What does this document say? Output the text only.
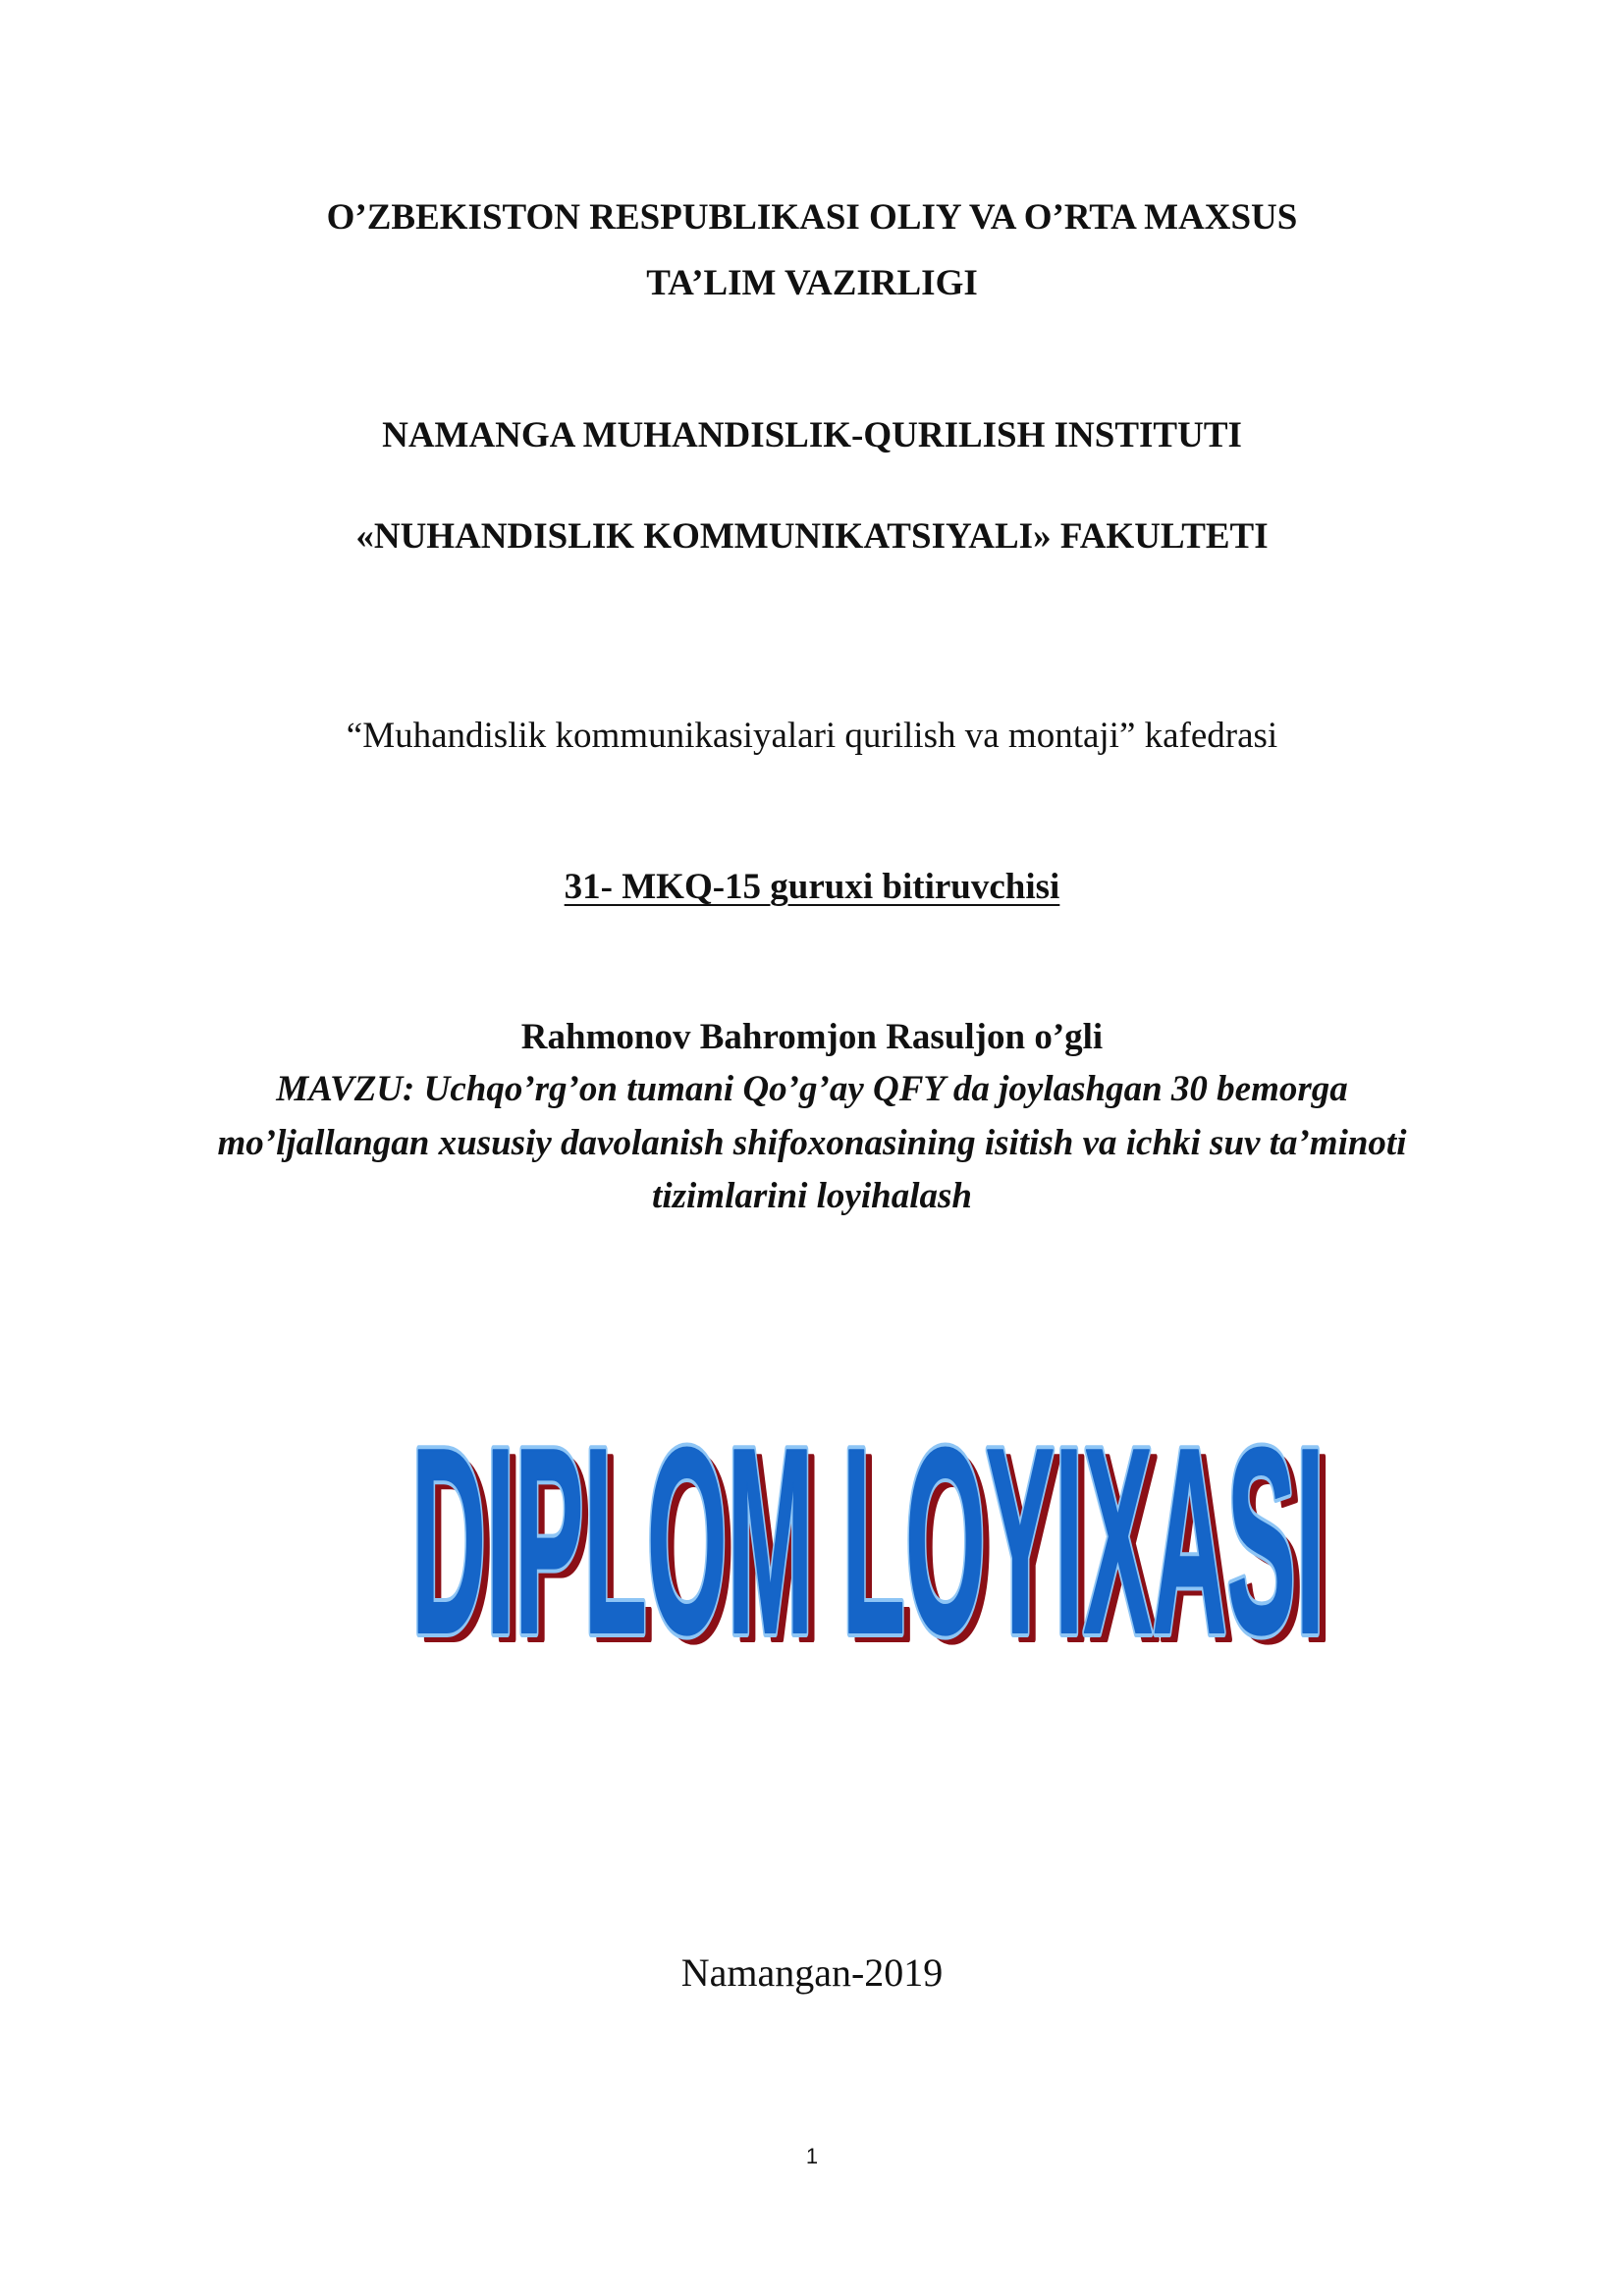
O’ZBEKISTON RESPUBLIKASI OLIY VA O’RTA MAXSUS
TA’LIM VAZIRLIGI
NAMANGA MUHANDISLIK-QURILISH INSTITUTI
«NUHANDISLIK KOMMUNIKATSIYALI» FAKULTETI
“Muhandislik kommunikasiyalari qurilish va montaji” kafedrasi
31- MKQ-15 guruxi bitiruvchisi
Rahmonov Bahromjon Rasuljon o’gli
MAVZU: Uchqo’rg’on tumani Qo’g’ay QFY da joylashgan 30 bemorga
mo’ljallangan xususiy davolanish shifoxonasining isitish va ichki suv ta’minoti
tizimlarini loyihalash
DIPLOM LOYIXASI
DIPLOM LOYIXASI
DIPLOM LOYIXASI
Namangan-2019
1
